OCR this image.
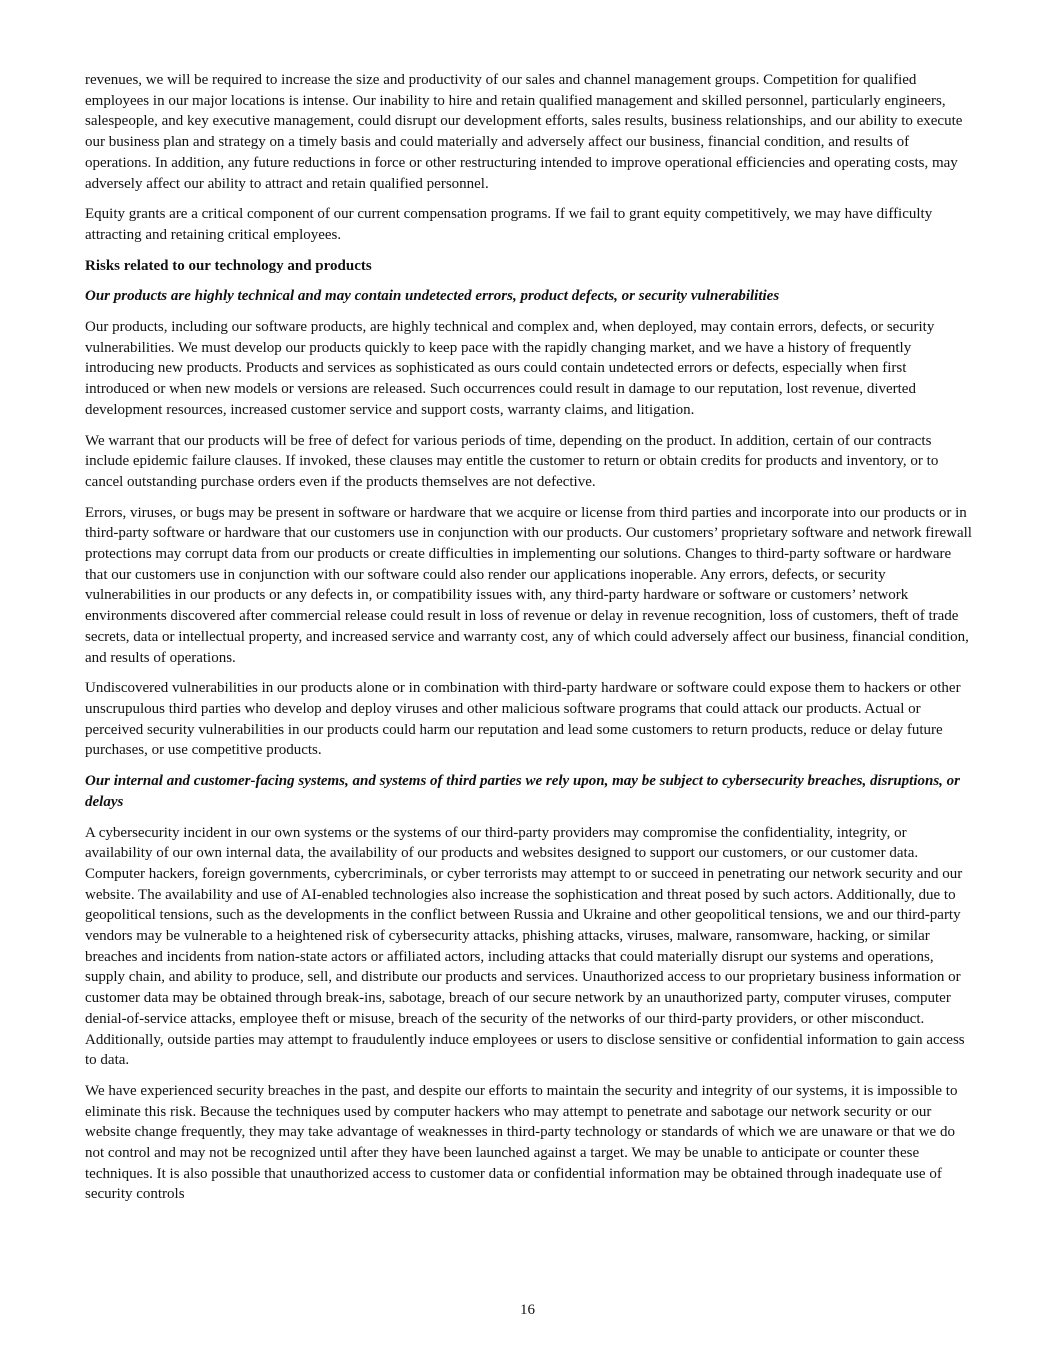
revenues, we will be required to increase the size and productivity of our sales and channel management groups. Competition for qualified employees in our major locations is intense. Our inability to hire and retain qualified management and skilled personnel, particularly engineers, salespeople, and key executive management, could disrupt our development efforts, sales results, business relationships, and our ability to execute our business plan and strategy on a timely basis and could materially and adversely affect our business, financial condition, and results of operations. In addition, any future reductions in force or other restructuring intended to improve operational efficiencies and operating costs, may adversely affect our ability to attract and retain qualified personnel.

Equity grants are a critical component of our current compensation programs. If we fail to grant equity competitively, we may have difficulty attracting and retaining critical employees.

Risks related to our technology and products

Our products are highly technical and may contain undetected errors, product defects, or security vulnerabilities

Our products, including our software products, are highly technical and complex and, when deployed, may contain errors, defects, or security vulnerabilities. We must develop our products quickly to keep pace with the rapidly changing market, and we have a history of frequently introducing new products. Products and services as sophisticated as ours could contain undetected errors or defects, especially when first introduced or when new models or versions are released. Such occurrences could result in damage to our reputation, lost revenue, diverted development resources, increased customer service and support costs, warranty claims, and litigation.

We warrant that our products will be free of defect for various periods of time, depending on the product. In addition, certain of our contracts include epidemic failure clauses. If invoked, these clauses may entitle the customer to return or obtain credits for products and inventory, or to cancel outstanding purchase orders even if the products themselves are not defective.

Errors, viruses, or bugs may be present in software or hardware that we acquire or license from third parties and incorporate into our products or in third-party software or hardware that our customers use in conjunction with our products. Our customers’ proprietary software and network firewall protections may corrupt data from our products or create difficulties in implementing our solutions. Changes to third-party software or hardware that our customers use in conjunction with our software could also render our applications inoperable. Any errors, defects, or security vulnerabilities in our products or any defects in, or compatibility issues with, any third-party hardware or software or customers’ network environments discovered after commercial release could result in loss of revenue or delay in revenue recognition, loss of customers, theft of trade secrets, data or intellectual property, and increased service and warranty cost, any of which could adversely affect our business, financial condition, and results of operations.

Undiscovered vulnerabilities in our products alone or in combination with third-party hardware or software could expose them to hackers or other unscrupulous third parties who develop and deploy viruses and other malicious software programs that could attack our products. Actual or perceived security vulnerabilities in our products could harm our reputation and lead some customers to return products, reduce or delay future purchases, or use competitive products.

Our internal and customer-facing systems, and systems of third parties we rely upon, may be subject to cybersecurity breaches, disruptions, or delays

A cybersecurity incident in our own systems or the systems of our third-party providers may compromise the confidentiality, integrity, or availability of our own internal data, the availability of our products and websites designed to support our customers, or our customer data. Computer hackers, foreign governments, cybercriminals, or cyber terrorists may attempt to or succeed in penetrating our network security and our website. The availability and use of AI-enabled technologies also increase the sophistication and threat posed by such actors. Additionally, due to geopolitical tensions, such as the developments in the conflict between Russia and Ukraine and other geopolitical tensions, we and our third-party vendors may be vulnerable to a heightened risk of cybersecurity attacks, phishing attacks, viruses, malware, ransomware, hacking, or similar breaches and incidents from nation-state actors or affiliated actors, including attacks that could materially disrupt our systems and operations, supply chain, and ability to produce, sell, and distribute our products and services. Unauthorized access to our proprietary business information or customer data may be obtained through break-ins, sabotage, breach of our secure network by an unauthorized party, computer viruses, computer denial-of-service attacks, employee theft or misuse, breach of the security of the networks of our third-party providers, or other misconduct. Additionally, outside parties may attempt to fraudulently induce employees or users to disclose sensitive or confidential information to gain access to data.

We have experienced security breaches in the past, and despite our efforts to maintain the security and integrity of our systems, it is impossible to eliminate this risk. Because the techniques used by computer hackers who may attempt to penetrate and sabotage our network security or our website change frequently, they may take advantage of weaknesses in third-party technology or standards of which we are unaware or that we do not control and may not be recognized until after they have been launched against a target. We may be unable to anticipate or counter these techniques. It is also possible that unauthorized access to customer data or confidential information may be obtained through inadequate use of security controls

16
